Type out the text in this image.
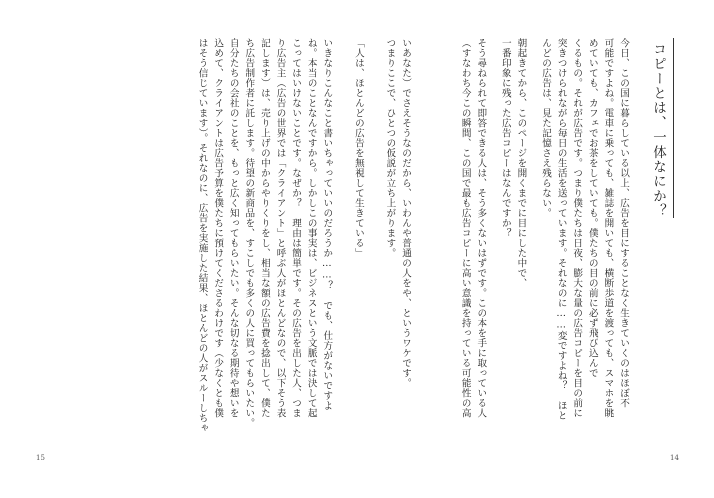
コピーとは、一体なにか？
今日、この国に暮らしている以上、広告を目にすることなく生きていくのはほぼ不
可能ですよね。電車に乗っても、雑誌を開いても、横断歩道を渡っても、スマホを眺
めていても、カフェでお茶をしていても。僕たちの目の前に必ず飛び込んで
くるもの。それが広告です。つまり僕たちは日夜、膨大な量の広告コピーを目の前に
突きつけられながら毎日の生活を送っています。それなのに……変ですよね？　ほと
んどの広告は、見た記憶さえ残らない。
朝起きてから、このページを開くまでに目にした中で、
一番印象に残った広告コピーはなんですか？
そう尋ねられて即答できる人は、そう多くないはずです。この本を手に取っている人
（すなわち今この瞬間、この国で最も広告コピーに高い意識を持っている可能性の高
いあなた）でさえそうなのだから、いわんや普通の人をや、というワケです。
つまりここで、ひとつの仮説が立ち上がります。
「人は、ほとんどの広告を無視して生きている」
いきなりこんなこと書いちゃっていいのだろうか……？　でも、仕方がないですよ
ね。本当のことなんですから。しかしこの事実は、ビジネスという文脈では決して起
こってはいけないことです。なぜか？　理由は簡単です。その広告を出した人、つま
り広告主（広告の世界では「クライアント」と呼ぶ人がほとんどなので、以下そう表
記します）は、売り上げの中からやりくりをし、相当な額の広告費を捻出して、僕た
ち広告制作者に託します。待望の新商品を、すこしでも多くの人に買ってもらいたい。
自分たちの会社のことを、もっと広く知ってもらいたい。そんな切なる期待や想いを
込めて、クライアントは広告予算を僕たちに預けてくださるわけです（少なくとも僕
はそう信じています）。それなのに、広告を実施した結果、ほとんどの人がスルーしちゃ
15	14
